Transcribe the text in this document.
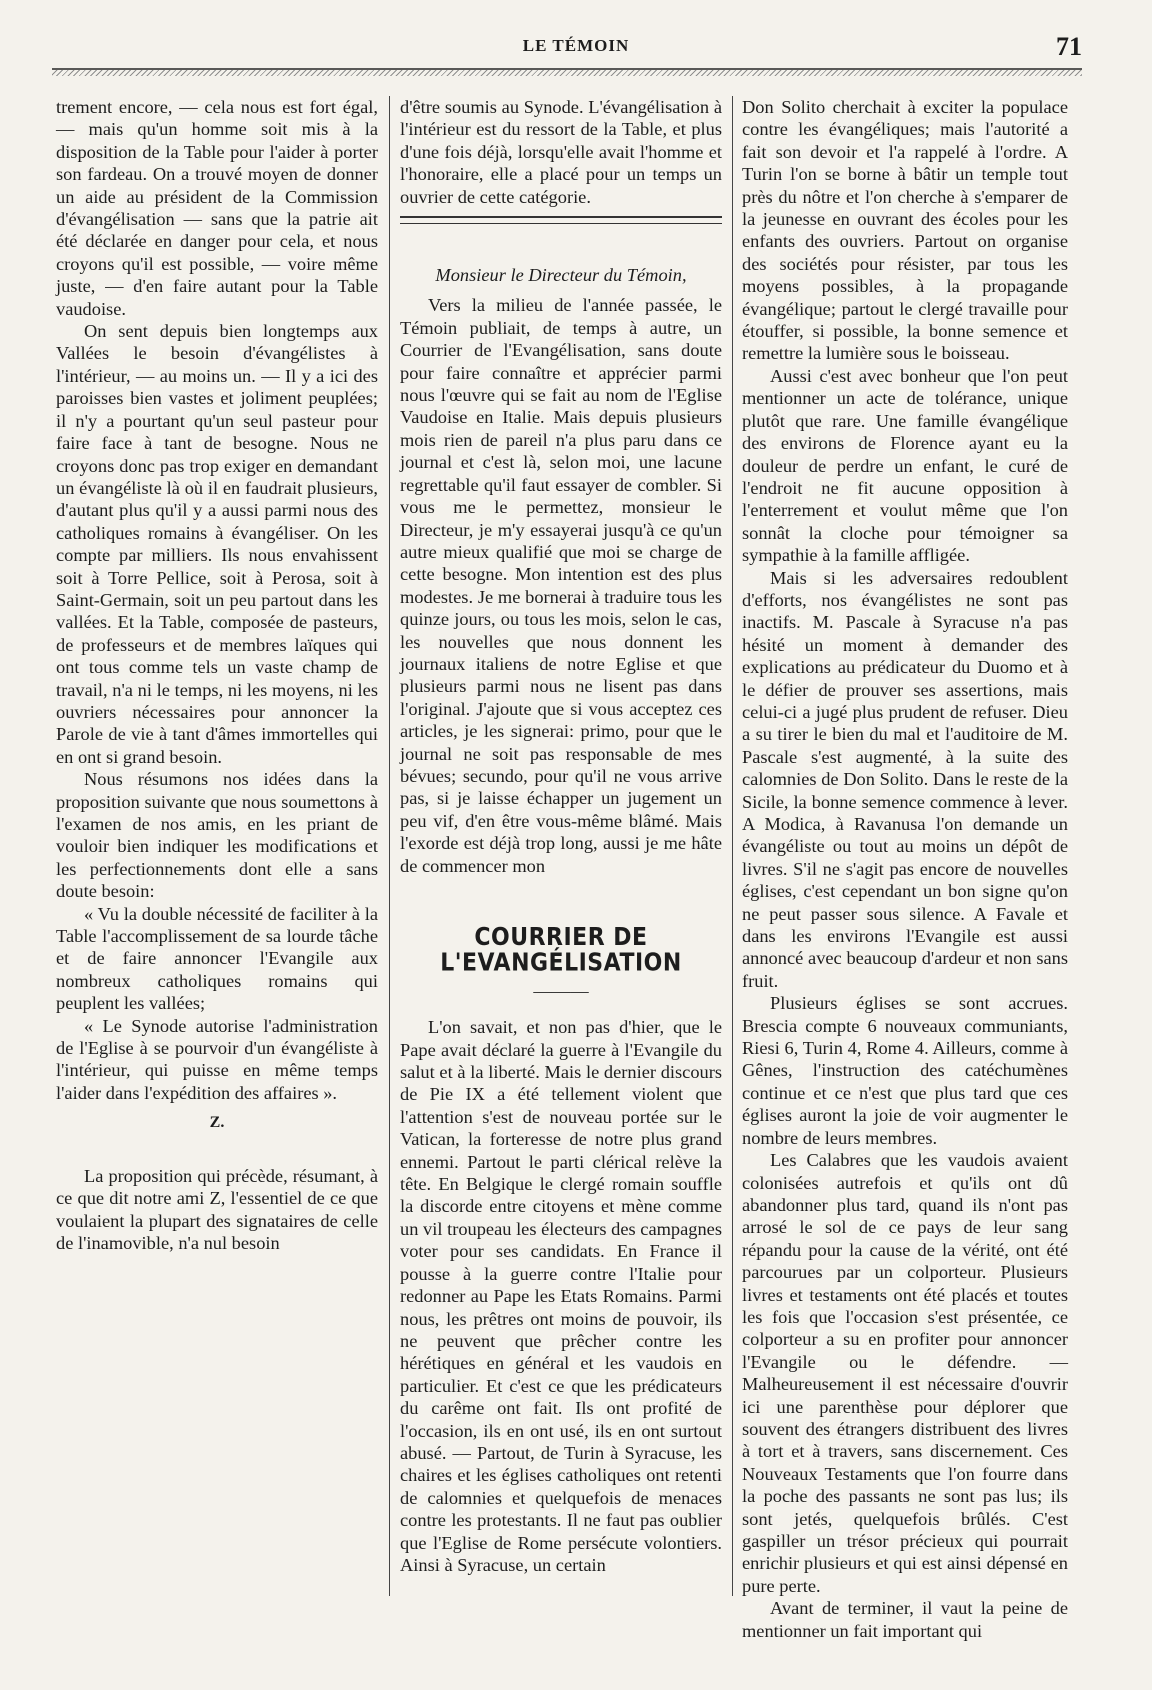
LE TÉMOIN	71

trement encore, — cela nous est fort égal, — mais qu'un homme soit mis à la disposition de la Table pour l'aider à porter son fardeau. On a trouvé moyen de donner un aide au président de la Commission d'évangélisation — sans que la patrie ait été déclarée en danger pour cela, et nous croyons qu'il est possible, — voire même juste, — d'en faire autant pour la Table vaudoise.

On sent depuis bien longtemps aux Vallées le besoin d'évangélistes à l'intérieur, — au moins un. — Il y a ici des paroisses bien vastes et joliment peuplées; il n'y a pourtant qu'un seul pasteur pour faire face à tant de besogne. Nous ne croyons donc pas trop exiger en demandant un évangéliste là où il en faudrait plusieurs, d'autant plus qu'il y a aussi parmi nous des catholiques romains à évangéliser. On les compte par milliers. Ils nous envahissent soit à Torre Pellice, soit à Perosa, soit à Saint-Germain, soit un peu partout dans les vallées. Et la Table, composée de pasteurs, de professeurs et de membres laïques qui ont tous comme tels un vaste champ de travail, n'a ni le temps, ni les moyens, ni les ouvriers nécessaires pour annoncer la Parole de vie à tant d'âmes immortelles qui en ont si grand besoin.

Nous résumons nos idées dans la proposition suivante que nous soumettons à l'examen de nos amis, en les priant de vouloir bien indiquer les modifications et les perfectionnements dont elle a sans doute besoin:

« Vu la double nécessité de faciliter à la Table l'accomplissement de sa lourde tâche et de faire annoncer l'Evangile aux nombreux catholiques romains qui peuplent les vallées;

« Le Synode autorise l'administration de l'Eglise à se pourvoir d'un évangéliste à l'intérieur, qui puisse en même temps l'aider dans l'expédition des affaires ».

Z.

La proposition qui précède, résumant, à ce que dit notre ami Z, l'essentiel de ce que voulaient la plupart des signataires de celle de l'inamovible, n'a nul besoin

d'être soumis au Synode. L'évangélisation à l'intérieur est du ressort de la Table, et plus d'une fois déjà, lorsqu'elle avait l'homme et l'honoraire, elle a placé pour un temps un ouvrier de cette catégorie.

Monsieur le Directeur du Témoin,

Vers la milieu de l'année passée, le Témoin publiait, de temps à autre, un Courrier de l'Evangélisation, sans doute pour faire connaître et apprécier parmi nous l'œuvre qui se fait au nom de l'Eglise Vaudoise en Italie. Mais depuis plusieurs mois rien de pareil n'a plus paru dans ce journal et c'est là, selon moi, une lacune regrettable qu'il faut essayer de combler. Si vous me le permettez, monsieur le Directeur, je m'y essayerai jusqu'à ce qu'un autre mieux qualifié que moi se charge de cette besogne. Mon intention est des plus modestes. Je me bornerai à traduire tous les quinze jours, ou tous les mois, selon le cas, les nouvelles que nous donnent les journaux italiens de notre Eglise et que plusieurs parmi nous ne lisent pas dans l'original. J'ajoute que si vous acceptez ces articles, je les signerai: primo, pour que le journal ne soit pas responsable de mes bévues; secundo, pour qu'il ne vous arrive pas, si je laisse échapper un jugement un peu vif, d'en être vous-même blâmé. Mais l'exorde est déjà trop long, aussi je me hâte de commencer mon

COURRIER DE L'EVANGÉLISATION
———

L'on savait, et non pas d'hier, que le Pape avait déclaré la guerre à l'Evangile du salut et à la liberté. Mais le dernier discours de Pie IX a été tellement violent que l'attention s'est de nouveau portée sur le Vatican, la forteresse de notre plus grand ennemi. Partout le parti clérical relève la tête. En Belgique le clergé romain souffle la discorde entre citoyens et mène comme un vil troupeau les électeurs des campagnes voter pour ses candidats. En France il pousse à la guerre contre l'Italie pour redonner au Pape les Etats Romains. Parmi nous, les prêtres ont moins de pouvoir, ils ne peuvent que prêcher contre les hérétiques en général et les vaudois en particulier. Et c'est ce que les prédicateurs du carême ont fait. Ils ont profité de l'occasion, ils en ont usé, ils en ont surtout abusé. — Partout, de Turin à Syracuse, les chaires et les églises catholiques ont retenti de calomnies et quelquefois de menaces contre les protestants. Il ne faut pas oublier que l'Eglise de Rome persécute volontiers. Ainsi à Syracuse, un certain

Don Solito cherchait à exciter la populace contre les évangéliques; mais l'autorité a fait son devoir et l'a rappelé à l'ordre. A Turin l'on se borne à bâtir un temple tout près du nôtre et l'on cherche à s'emparer de la jeunesse en ouvrant des écoles pour les enfants des ouvriers. Partout on organise des sociétés pour résister, par tous les moyens possibles, à la propagande évangélique; partout le clergé travaille pour étouffer, si possible, la bonne semence et remettre la lumière sous le boisseau.

Aussi c'est avec bonheur que l'on peut mentionner un acte de tolérance, unique plutôt que rare. Une famille évangélique des environs de Florence ayant eu la douleur de perdre un enfant, le curé de l'endroit ne fit aucune opposition à l'enterrement et voulut même que l'on sonnât la cloche pour témoigner sa sympathie à la famille affligée.

Mais si les adversaires redoublent d'efforts, nos évangélistes ne sont pas inactifs. M. Pascale à Syracuse n'a pas hésité un moment à demander des explications au prédicateur du Duomo et à le défier de prouver ses assertions, mais celui-ci a jugé plus prudent de refuser. Dieu a su tirer le bien du mal et l'auditoire de M. Pascale s'est augmenté, à la suite des calomnies de Don Solito. Dans le reste de la Sicile, la bonne semence commence à lever. A Modica, à Ravanusa l'on demande un évangéliste ou tout au moins un dépôt de livres. S'il ne s'agit pas encore de nouvelles églises, c'est cependant un bon signe qu'on ne peut passer sous silence. A Favale et dans les environs l'Evangile est aussi annoncé avec beaucoup d'ardeur et non sans fruit.

Plusieurs églises se sont accrues. Brescia compte 6 nouveaux communiants, Riesi 6, Turin 4, Rome 4. Ailleurs, comme à Gênes, l'instruction des catéchumènes continue et ce n'est que plus tard que ces églises auront la joie de voir augmenter le nombre de leurs membres.

Les Calabres que les vaudois avaient colonisées autrefois et qu'ils ont dû abandonner plus tard, quand ils n'ont pas arrosé le sol de ce pays de leur sang répandu pour la cause de la vérité, ont été parcourues par un colporteur. Plusieurs livres et testaments ont été placés et toutes les fois que l'occasion s'est présentée, ce colporteur a su en profiter pour annoncer l'Evangile ou le défendre. — Malheureusement il est nécessaire d'ouvrir ici une parenthèse pour déplorer que souvent des étrangers distribuent des livres à tort et à travers, sans discernement. Ces Nouveaux Testaments que l'on fourre dans la poche des passants ne sont pas lus; ils sont jetés, quelquefois brûlés. C'est gaspiller un trésor précieux qui pourrait enrichir plusieurs et qui est ainsi dépensé en pure perte.

Avant de terminer, il vaut la peine de mentionner un fait important qui
